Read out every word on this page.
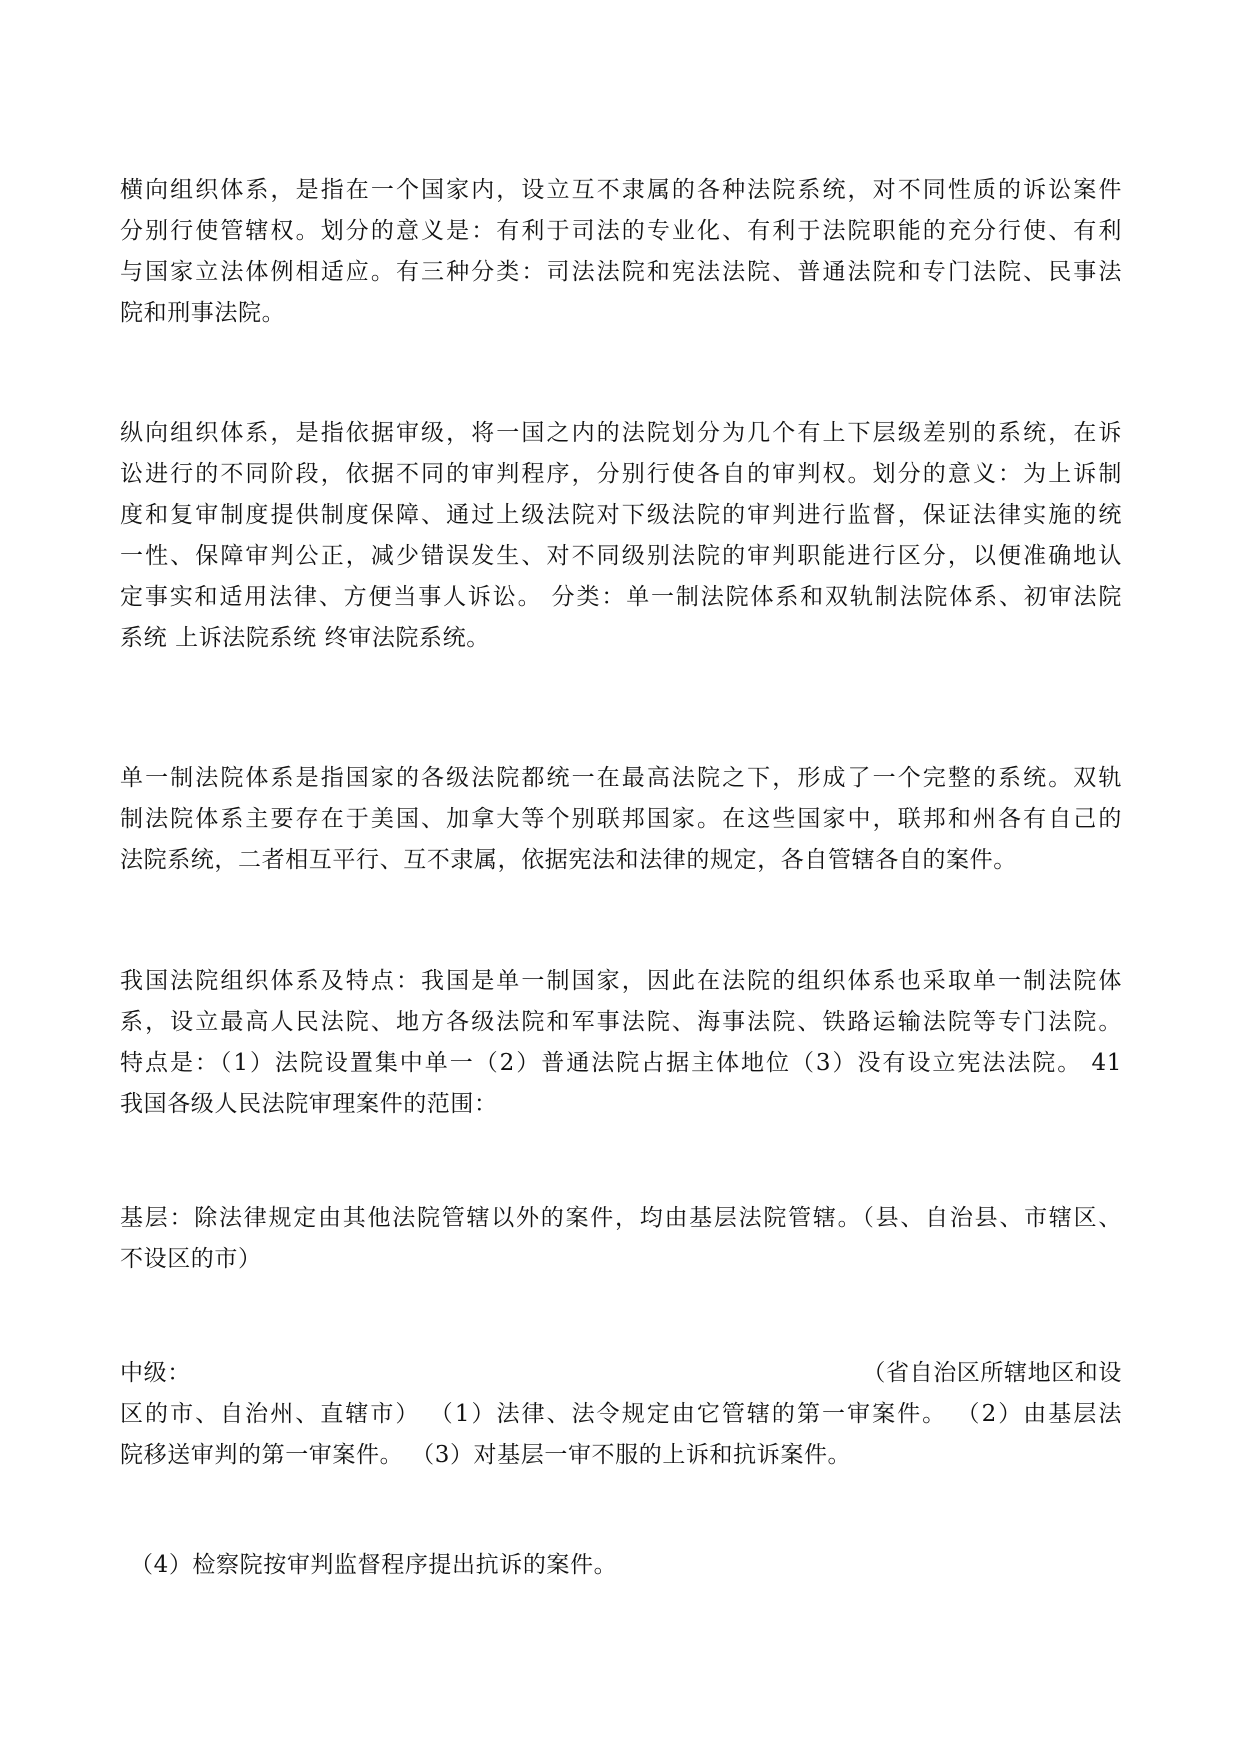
横向组织体系，是指在一个国家内，设立互不隶属的各种法院系统，对不同性质的诉讼案件
分别行使管辖权。划分的意义是：有利于司法的专业化、有利于法院职能的充分行使、有利
与国家立法体例相适应。有三种分类：司法法院和宪法法院、普通法院和专门法院、民事法
院和刑事法院。
纵向组织体系，是指依据审级，将一国之内的法院划分为几个有上下层级差别的系统，在诉
讼进行的不同阶段，依据不同的审判程序，分别行使各自的审判权。划分的意义：为上诉制
度和复审制度提供制度保障、通过上级法院对下级法院的审判进行监督，保证法律实施的统
一性、保障审判公正，减少错误发生、对不同级别法院的审判职能进行区分，以便准确地认
定事实和适用法律、方便当事人诉讼。 分类：单一制法院体系和双轨制法院体系、初审法院
系统 上诉法院系统 终审法院系统。
单一制法院体系是指国家的各级法院都统一在最高法院之下，形成了一个完整的系统。双轨
制法院体系主要存在于美国、加拿大等个别联邦国家。在这些国家中，联邦和州各有自己的
法院系统，二者相互平行、互不隶属，依据宪法和法律的规定，各自管辖各自的案件。
我国法院组织体系及特点：我国是单一制国家，因此在法院的组织体系也采取单一制法院体
系，设立最高人民法院、地方各级法院和军事法院、海事法院、铁路运输法院等专门法院。
特点是：（1）法院设置集中单一（2）普通法院占据主体地位（3）没有设立宪法法院。 41
我国各级人民法院审理案件的范围：
基层：除法律规定由其他法院管辖以外的案件，均由基层法院管辖。（县、自治县、市辖区、
不设区的市）
中级：	（省自治区所辖地区和设
区的市、自治州、直辖市） （1）法律、法令规定由它管辖的第一审案件。 （2）由基层法
院移送审判的第一审案件。 （3）对基层一审不服的上诉和抗诉案件。
（4）检察院按审判监督程序提出抗诉的案件。
